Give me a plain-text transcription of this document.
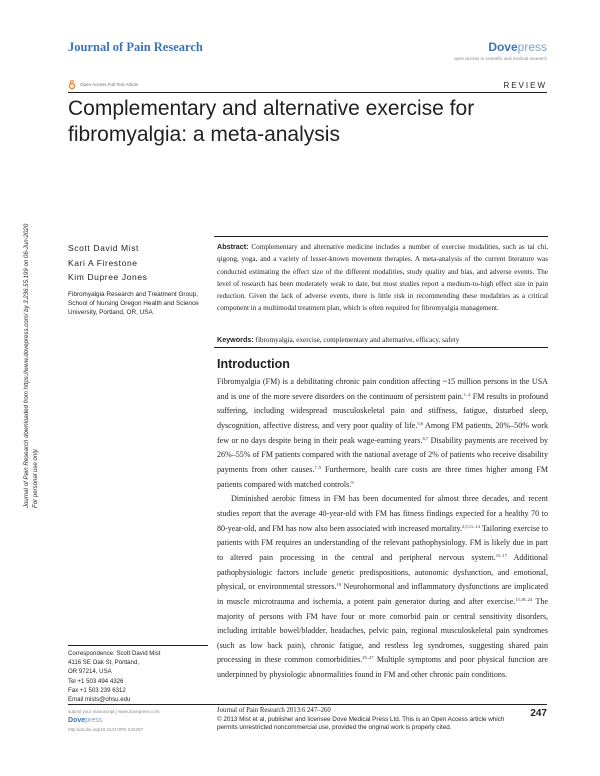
Journal of Pain Research	Dovepress
open access to scientific and medical research
Open Access Full Text Article	REVIEW
Complementary and alternative exercise for fibromyalgia: a meta-analysis
Journal of Pain Research downloaded from https://www.dovepress.com/ by 3.236.55.199 on 06-Jun-2020 For personal use only.
Scott David Mist
Kari A Firestone
Kim Dupree Jones
Fibromyalgia Research and Treatment Group, School of Nursing Oregon Health and Science University, Portland, OR, USA
Abstract: Complementary and alternative medicine includes a number of exercise modalities, such as tai chi, qigong, yoga, and a variety of lesser-known movement therapies. A meta-analysis of the current literature was conducted estimating the effect size of the different modalities, study quality and bias, and adverse events. The level of research has been moderately weak to date, but most studies report a medium-to-high effect size in pain reduction. Given the lack of adverse events, there is little risk in recommending these modalities as a critical component in a multimodal treatment plan, which is often required for fibromyalgia management.
Keywords: fibromyalgia, exercise, complementary and alternative, efficacy, safety
Introduction

Fibromyalgia (FM) is a debilitating chronic pain condition affecting ~15 million persons in the USA and is one of the more severe disorders on the continuum of persistent pain.$^{1-4}$ FM results in profound suffering, including widespread musculoskeletal pain and stiffness, fatigue, disturbed sleep, dyscognition, affective distress, and very poor quality of life.$^{5,6}$ Among FM patients, 20%–50% work few or no days despite being in their peak wage-earning years.$^{6,7}$ Disability payments are received by 26%–55% of FM patients compared with the national average of 2% of patients who receive disability payments from other causes.$^{7-9}$ Furthermore, health care costs are three times higher among FM patients compared with matched controls.$^9$

Diminished aerobic fitness in FM has been documented for almost three decades, and recent studies report that the average 40-year-old with FM has fitness findings expected for a healthy 70 to 80-year-old, and FM has now also been associated with increased mortality.$^{2,5,11-14}$ Tailoring exercise to patients with FM requires an understanding of the relevant pathophysiology. FM is likely due in part to altered pain processing in the central and peripheral nervous system.$^{15-17}$ Additional pathophysiologic factors include genetic predispositions, autonomic dysfunction, and emotional, physical, or environmental stressors.$^{18}$ Neurohormonal and inflammatory dysfunctions are implicated in muscle microtrauma and ischemia, a potent pain generator during and after exercise.$^{15,18-24}$ The majority of persons with FM have four or more comorbid pain or central sensitivity disorders, including irritable bowel/bladder, headaches, pelvic pain, regional musculoskeletal pain syndromes (such as low back pain), chronic fatigue, and restless leg syndromes, suggesting shared pain processing in these common comorbidities.$^{25-27}$ Multiple symptoms and poor physical function are underpinned by physiologic abnormalities found in FM and other chronic pain conditions.

Correspondence: Scott David Mist
4116 SE Oak St, Portland,
OR 97214, USA
Tel +1 503 494 4326
Fax +1 503 239 6312
Email mists@ohsu.edu
submit your manuscript | www.dovepress.com
Dovepress
http://dx.doi.org/10.2147/JPR.S32297
Journal of Pain Research 2013:6 247–260
© 2013 Mist et al, publisher and licensee Dove Medical Press Ltd. This is an Open Access article which permits unrestricted noncommercial use, provided the original work is properly cited.
247
